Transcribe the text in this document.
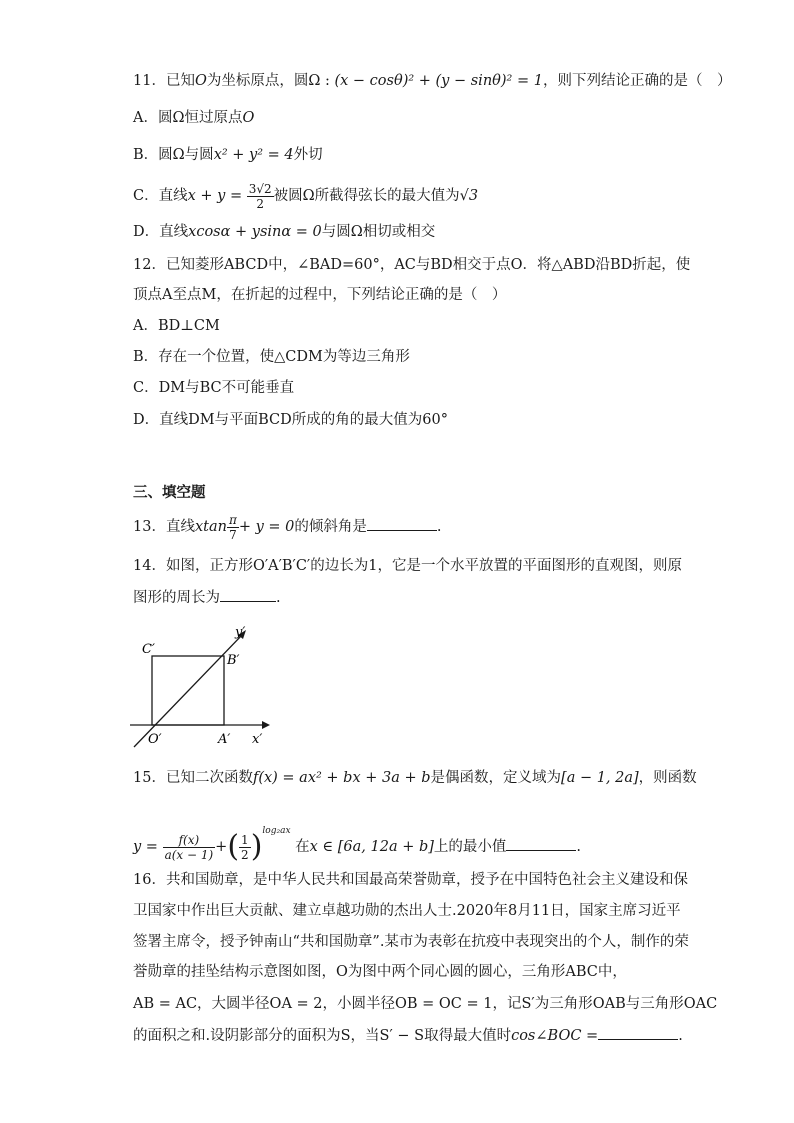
11．已知O为坐标原点，圆Ω : (x − cosθ)² + (y − sinθ)² = 1，则下列结论正确的是（　）
A．圆Ω恒过原点O
B．圆Ω与圆x² + y² = 4外切
C．直线$x + y = \frac{3√2}{2}$ 被圆Ω所截得弦长的最大值为√3
D．直线xcosα + ysinα = 0与圆Ω相切或相交
12．已知菱形ABCD中，∠BAD=60°，AC与BD相交于点O．将△ABD沿BD折起，使
顶点A至点M，在折起的过程中，下列结论正确的是（　）
A．BD⊥CM
B．存在一个位置，使△CDM为等边三角形
C．DM与BC不可能垂直
D．直线DM与平面BCD所成的角的最大值为60°
三、填空题
13．直线xtan $\frac{\pi}{7} + y = 0$的倾斜角是	.
14．如图，正方形O′A′B′C′的边长为1，它是一个水平放置的平面图形的直观图，则原
图形的周长为	.
y′
C′
B′
O′	A′ x′
15．已知二次函数f(x) = ax² + bx + 3a + b是偶函数，定义域为[a − 1, 2a]，则函数
$y = \frac{f(x)}{a(x - 1)}$ +( $\frac{1}{2} )^{log_2ax}$ 在x ∈ [6a, 12a + b]上的最小值	.
16．共和国勋章，是中华人民共和国最高荣誉勋章，授予在中国特色社会主义建设和保
卫国家中作出巨大贡献、建立卓越功勋的杰出人士.2020年8月11日，国家主席习近平
签署主席令，授予钟南山“共和国勋章”.某市为表彰在抗疫中表现突出的个人，制作的荣
誉勋章的挂坠结构示意图如图，O为图中两个同心圆的圆心，三角形ABC中，
AB = AC，大圆半径OA = 2，小圆半径OB = OC = 1，记S′为三角形OAB与三角形OAC
的面积之和.设阴影部分的面积为S，当S′ − S取得最大值时cos∠BOC =	.
